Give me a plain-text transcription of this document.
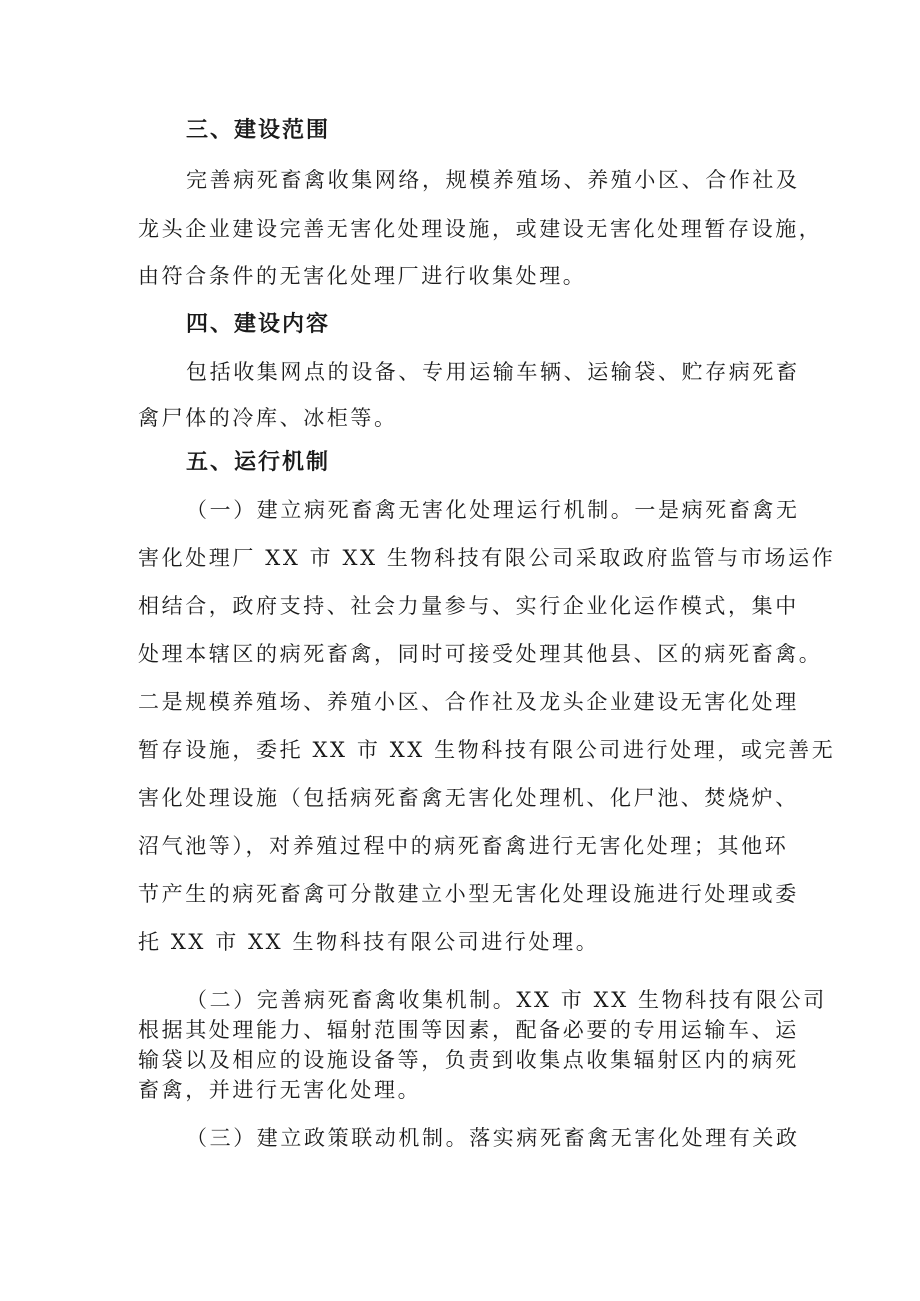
三、建设范围
完善病死畜禽收集网络，规模养殖场、养殖小区、合作社及
龙头企业建设完善无害化处理设施，或建设无害化处理暂存设施，
由符合条件的无害化处理厂进行收集处理。
四、建设内容
包括收集网点的设备、专用运输车辆、运输袋、贮存病死畜
禽尸体的冷库、冰柜等。
五、运行机制
（一）建立病死畜禽无害化处理运行机制。一是病死畜禽无
害化处理厂 XX 市 XX 生物科技有限公司采取政府监管与市场运作
相结合，政府支持、社会力量参与、实行企业化运作模式，集中
处理本辖区的病死畜禽，同时可接受处理其他县、区的病死畜禽。
二是规模养殖场、养殖小区、合作社及龙头企业建设无害化处理
暂存设施，委托 XX 市 XX 生物科技有限公司进行处理，或完善无
害化处理设施（包括病死畜禽无害化处理机、化尸池、焚烧炉、
沼气池等），对养殖过程中的病死畜禽进行无害化处理；其他环
节产生的病死畜禽可分散建立小型无害化处理设施进行处理或委
托 XX 市 XX 生物科技有限公司进行处理。
（二）完善病死畜禽收集机制。XX 市 XX 生物科技有限公司
根据其处理能力、辐射范围等因素，配备必要的专用运输车、运
输袋以及相应的设施设备等，负责到收集点收集辐射区内的病死
畜禽，并进行无害化处理。
（三）建立政策联动机制。落实病死畜禽无害化处理有关政
